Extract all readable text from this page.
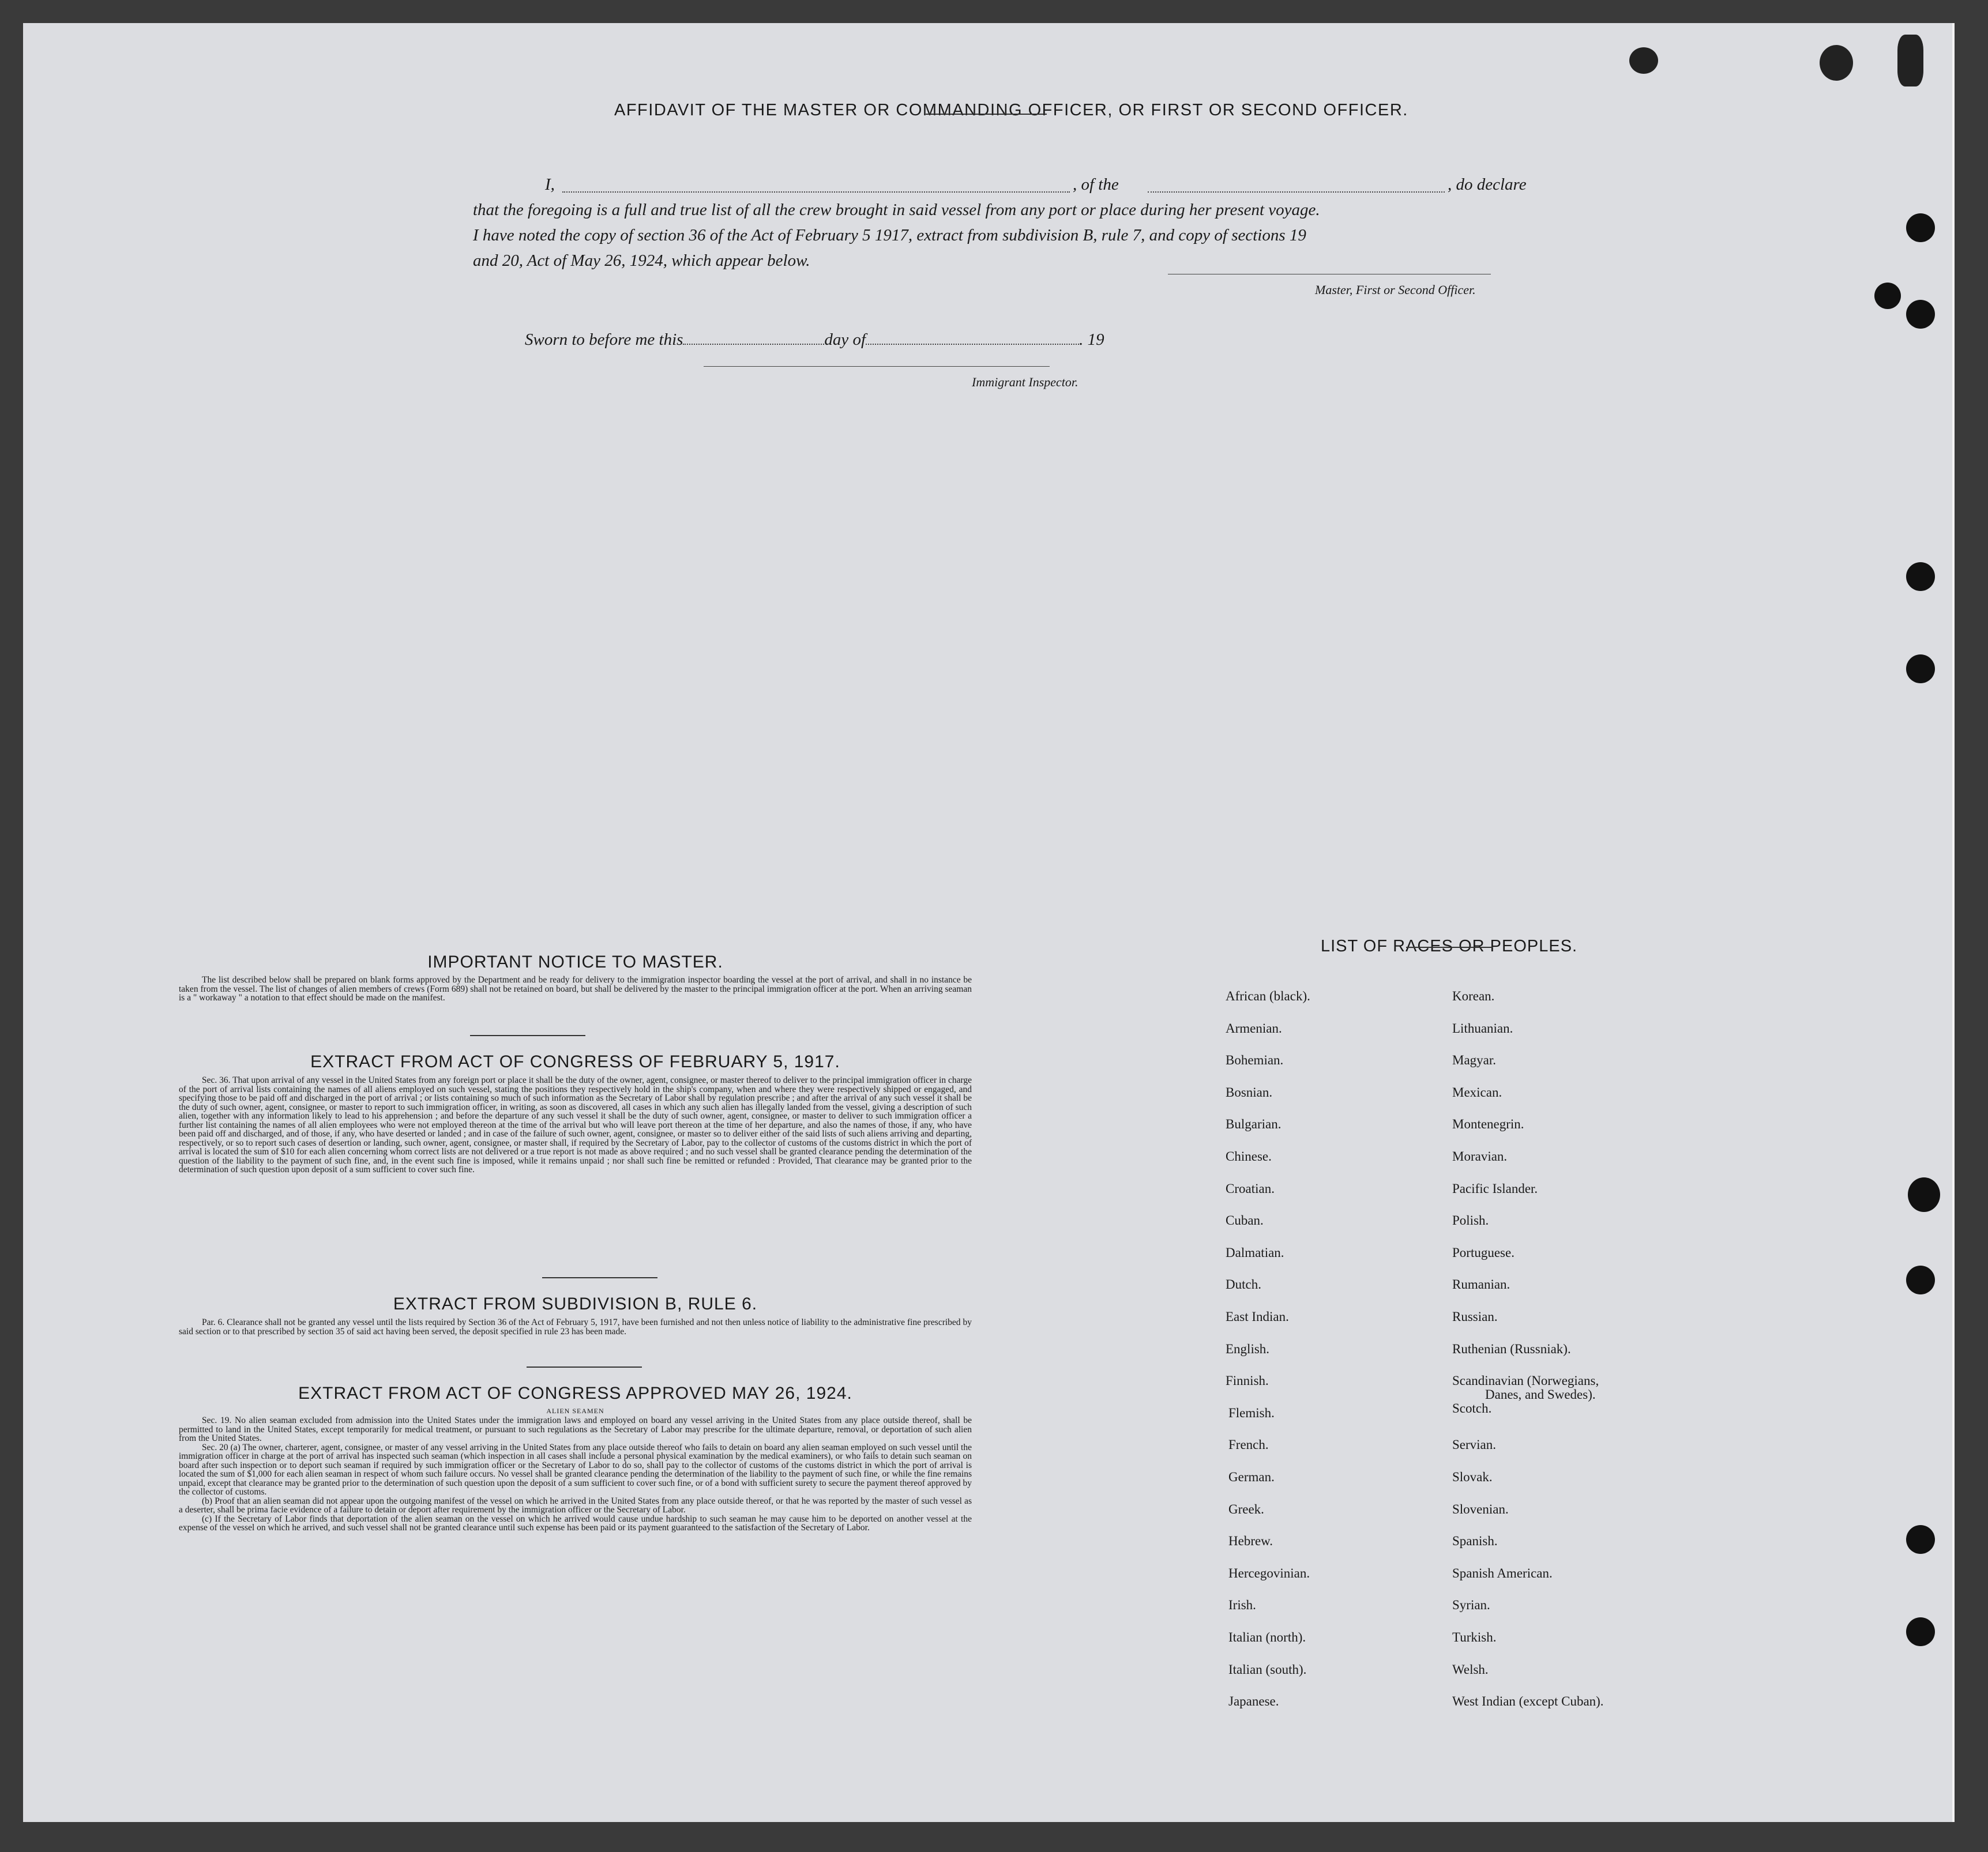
AFFIDAVIT OF THE MASTER OR COMMANDING OFFICER, OR FIRST OR SECOND OFFICER.
I,	, of the	, do declare
that the foregoing is a full and true list of all the crew brought in said vessel from any port or place during her present voyage.
I have noted the copy of section 36 of the Act of February 5 1917, extract from subdivision B, rule 7, and copy of sections 19
and 20, Act of May 26, 1924, which appear below.
Master, First or Second Officer.
Sworn to before me this	day of	. 19
Immigrant Inspector.
IMPORTANT NOTICE TO MASTER.
The list described below shall be prepared on blank forms approved by the Department and be ready for delivery to the immigration inspector boarding the vessel at the port of arrival, and shall in no instance be taken from the vessel. The list of changes of alien members of crews (Form 689) shall not be retained on board, but shall be delivered by the master to the principal immigration officer at the port. When an arriving seaman is a " workaway " a notation to that effect should be made on the manifest.
EXTRACT FROM ACT OF CONGRESS OF FEBRUARY 5, 1917.
Sec. 36. That upon arrival of any vessel in the United States from any foreign port or place it shall be the duty of the owner, agent, consignee, or master thereof to deliver to the principal immigration officer in charge of the port of arrival lists containing the names of all aliens employed on such vessel, stating the positions they respectively hold in the ship's company, when and where they were respectively shipped or engaged, and specifying those to be paid off and discharged in the port of arrival ; or lists containing so much of such information as the Secretary of Labor shall by regulation prescribe ; and after the arrival of any such vessel it shall be the duty of such owner, agent, consignee, or master to report to such immigration officer, in writing, as soon as discovered, all cases in which any such alien has illegally landed from the vessel, giving a description of such alien, together with any information likely to lead to his apprehension ; and before the departure of any such vessel it shall be the duty of such owner, agent, consignee, or master to deliver to such immigration officer a further list containing the names of all alien employees who were not employed thereon at the time of the arrival but who will leave port thereon at the time of her departure, and also the names of those, if any, who have been paid off and discharged, and of those, if any, who have deserted or landed ; and in case of the failure of such owner, agent, consignee, or master so to deliver either of the said lists of such aliens arriving and departing, respectively, or so to report such cases of desertion or landing, such owner, agent, consignee, or master shall, if required by the Secretary of Labor, pay to the collector of customs of the customs district in which the port of arrival is located the sum of $10 for each alien concerning whom correct lists are not delivered or a true report is not made as above required ; and no such vessel shall be granted clearance pending the determination of the question of the liability to the payment of such fine, and, in the event such fine is imposed, while it remains unpaid ; nor shall such fine be remitted or refunded : Provided, That clearance may be granted prior to the determination of such question upon deposit of a sum sufficient to cover such fine.
EXTRACT FROM SUBDIVISION B, RULE 6.
Par. 6. Clearance shall not be granted any vessel until the lists required by Section 36 of the Act of February 5, 1917, have been furnished and not then unless notice of liability to the administrative fine prescribed by said section or to that prescribed by section 35 of said act having been served, the deposit specified in rule 23 has been made.
EXTRACT FROM ACT OF CONGRESS APPROVED MAY 26, 1924.
ALIEN SEAMEN

Sec. 19. No alien seaman excluded from admission into the United States under the immigration laws and employed on board any vessel arriving in the United States from any place outside thereof, shall be permitted to land in the United States, except temporarily for medical treatment, or pursuant to such regulations as the Secretary of Labor may prescribe for the ultimate departure, removal, or deportation of such alien from the United States.

Sec. 20 (a) The owner, charterer, agent, consignee, or master of any vessel arriving in the United States from any place outside thereof who fails to detain on board any alien seaman employed on such vessel until the immigration officer in charge at the port of arrival has inspected such seaman (which inspection in all cases shall include a personal physical examination by the medical examiners), or who fails to detain such seaman on board after such inspection or to deport such seaman if required by such immigration officer or the Secretary of Labor to do so, shall pay to the collector of customs of the customs district in which the port of arrival is located the sum of $1,000 for each alien seaman in respect of whom such failure occurs. No vessel shall be granted clearance pending the determination of the liability to the payment of such fine, or while the fine remains unpaid, except that clearance may be granted prior to the determination of such question upon the deposit of a sum sufficient to cover such fine, or of a bond with sufficient surety to secure the payment thereof approved by the collector of customs.

(b) Proof that an alien seaman did not appear upon the outgoing manifest of the vessel on which he arrived in the United States from any place outside thereof, or that he was reported by the master of such vessel as a deserter, shall be prima facie evidence of a failure to detain or deport after requirement by the immigration officer or the Secretary of Labor.

(c) If the Secretary of Labor finds that deportation of the alien seaman on the vessel on which he arrived would cause undue hardship to such seaman he may cause him to be deported on another vessel at the expense of the vessel on which he arrived, and such vessel shall not be granted clearance until such expense has been paid or its payment guaranteed to the satisfaction of the Secretary of Labor.

LIST OF RACES OR PEOPLES.
African (black).
Armenian.
Bohemian.
Bosnian.
Bulgarian.
Chinese.
Croatian.
Cuban.
Dalmatian.
Dutch.
East Indian.
English.
Finnish.
Flemish.
French.
German.
Greek.
Hebrew.
Hercegovinian.
Irish.
Italian (north).
Italian (south).
Japanese.
Korean.
Lithuanian.
Magyar.
Mexican.
Montenegrin.
Moravian.
Pacific Islander.
Polish.
Portuguese.
Rumanian.
Russian.
Ruthenian (Russniak).
Scandinavian (Norwegians,
Danes, and Swedes).
Scotch.
Servian.
Slovak.
Slovenian.
Spanish.
Spanish American.
Syrian.
Turkish.
Welsh.
West Indian (except Cuban).
